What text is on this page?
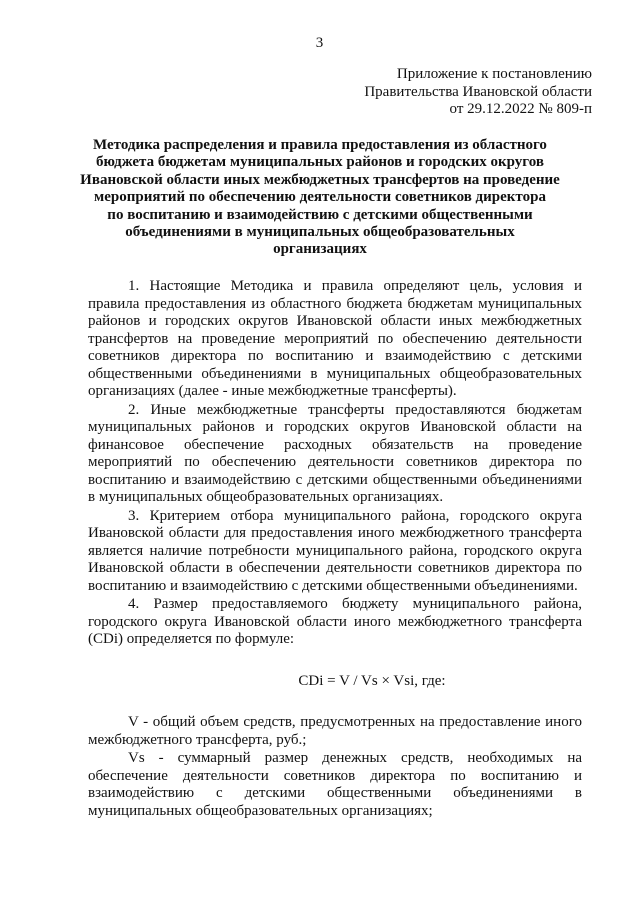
3
Приложение к постановлению
Правительства Ивановской области
от 29.12.2022 № 809-п
Методика распределения и правила предоставления из областного
бюджета бюджетам муниципальных районов и городских округов
Ивановской области иных межбюджетных трансфертов на проведение
мероприятий по обеспечению деятельности советников директора
по воспитанию и взаимодействию с детскими общественными
объединениями в муниципальных общеобразовательных
организациях

1. Настоящие Методика и правила определяют цель, условия и правила предоставления из областного бюджета бюджетам муниципальных районов и городских округов Ивановской области иных межбюджетных трансфертов на проведение мероприятий по обеспечению деятельности советников директора по воспитанию и взаимодействию с детскими общественными объединениями в муниципальных общеобразовательных организациях (далее - иные межбюджетные трансферты).

2. Иные межбюджетные трансферты предоставляются бюджетам муниципальных районов и городских округов Ивановской области на финансовое обеспечение расходных обязательств на проведение мероприятий по обеспечению деятельности советников директора по воспитанию и взаимодействию с детскими общественными объединениями в муниципальных общеобразовательных организациях.

3. Критерием отбора муниципального района, городского округа Ивановской области для предоставления иного межбюджетного трансферта является наличие потребности муниципального района, городского округа Ивановской области в обеспечении деятельности советников директора по воспитанию и взаимодействию с детскими общественными объединениями.

4. Размер предоставляемого бюджету муниципального района, городского округа Ивановской области иного межбюджетного трансферта (CDi) определяется по формуле:

CDi = V / Vs × Vsi, где:

V - общий объем средств, предусмотренных на предоставление иного межбюджетного трансферта, руб.;

Vs - суммарный размер денежных средств, необходимых на обеспечение деятельности советников директора по воспитанию и взаимодействию с детскими общественными объединениями в муниципальных общеобразовательных организациях;
